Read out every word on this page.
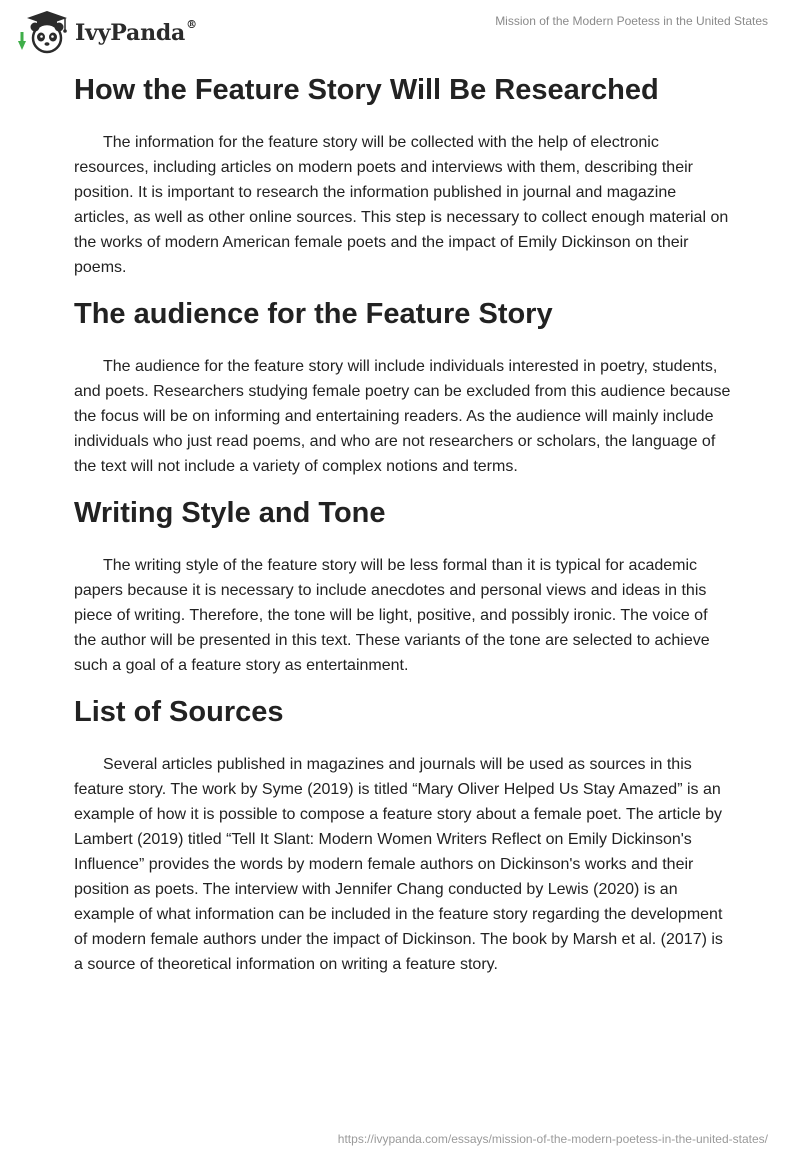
IvyPanda®	Mission of the Modern Poetess in the United States
How the Feature Story Will Be Researched

The information for the feature story will be collected with the help of electronic resources, including articles on modern poets and interviews with them, describing their position. It is important to research the information published in journal and magazine articles, as well as other online sources. This step is necessary to collect enough material on the works of modern American female poets and the impact of Emily Dickinson on their poems.

The audience for the Feature Story

The audience for the feature story will include individuals interested in poetry, students, and poets. Researchers studying female poetry can be excluded from this audience because the focus will be on informing and entertaining readers. As the audience will mainly include individuals who just read poems, and who are not researchers or scholars, the language of the text will not include a variety of complex notions and terms.

Writing Style and Tone

The writing style of the feature story will be less formal than it is typical for academic papers because it is necessary to include anecdotes and personal views and ideas in this piece of writing. Therefore, the tone will be light, positive, and possibly ironic. The voice of the author will be presented in this text. These variants of the tone are selected to achieve such a goal of a feature story as entertainment.

List of Sources

Several articles published in magazines and journals will be used as sources in this feature story. The work by Syme (2019) is titled “Mary Oliver Helped Us Stay Amazed” is an example of how it is possible to compose a feature story about a female poet. The article by Lambert (2019) titled “Tell It Slant: Modern Women Writers Reflect on Emily Dickinson's Influence” provides the words by modern female authors on Dickinson's works and their position as poets. The interview with Jennifer Chang conducted by Lewis (2020) is an example of what information can be included in the feature story regarding the development of modern female authors under the impact of Dickinson. The book by Marsh et al. (2017) is a source of theoretical information on writing a feature story.

https://ivypanda.com/essays/mission-of-the-modern-poetess-in-the-united-states/
